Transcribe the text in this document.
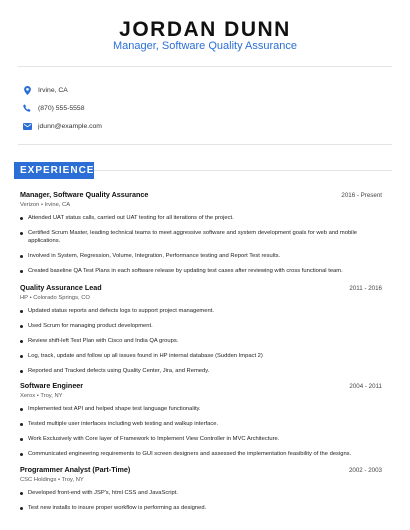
JORDAN DUNN
Manager, Software Quality Assurance
Irvine, CA
(870) 555-5558
jdunn@example.com
EXPERIENCE
Manager, Software Quality Assurance	2016 - Present
Verizon • Irvine, CA
Attended UAT status calls, carried out UAT testing for all iterations of the project.
Certified Scrum Master, leading technical teams to meet aggressive software and system development goals for web and mobile applications.
Involved in System, Regression, Volume, Integration, Performance testing and Report Test results.
Created baseline QA Test Plans in each software release by updating test cases after reviewing with cross functional team.
Quality Assurance Lead	2011 - 2016
HP • Colorado Springs, CO
Updated status reports and defects logs to support project management.
Used Scrum for managing product development.
Review shift-left Test Plan with Cisco and India QA groups.
Log, track, update and follow up all issues found in HP internal database (Sudden Impact 2)
Reported and Tracked defects using Quality Center, Jira, and Remedy.
Software Engineer	2004 - 2011
Xerox • Troy, NY
Implemented test API and helped shape test language functionality.
Tested multiple user interfaces including web testing and walkup interface.
Work Exclusively with Core layer of Framework to Implement View Controller in MVC Architecture.
Communicated engineering requirements to GUI screen designers and assessed the implementation feasibility of the designs.
Programmer Analyst (Part-Time)	2002 - 2003
CSC Holdings • Troy, NY
Developed front-end with JSP's, html CSS and JavaScript.
Test new installs to insure proper workflow is performing as designed.
